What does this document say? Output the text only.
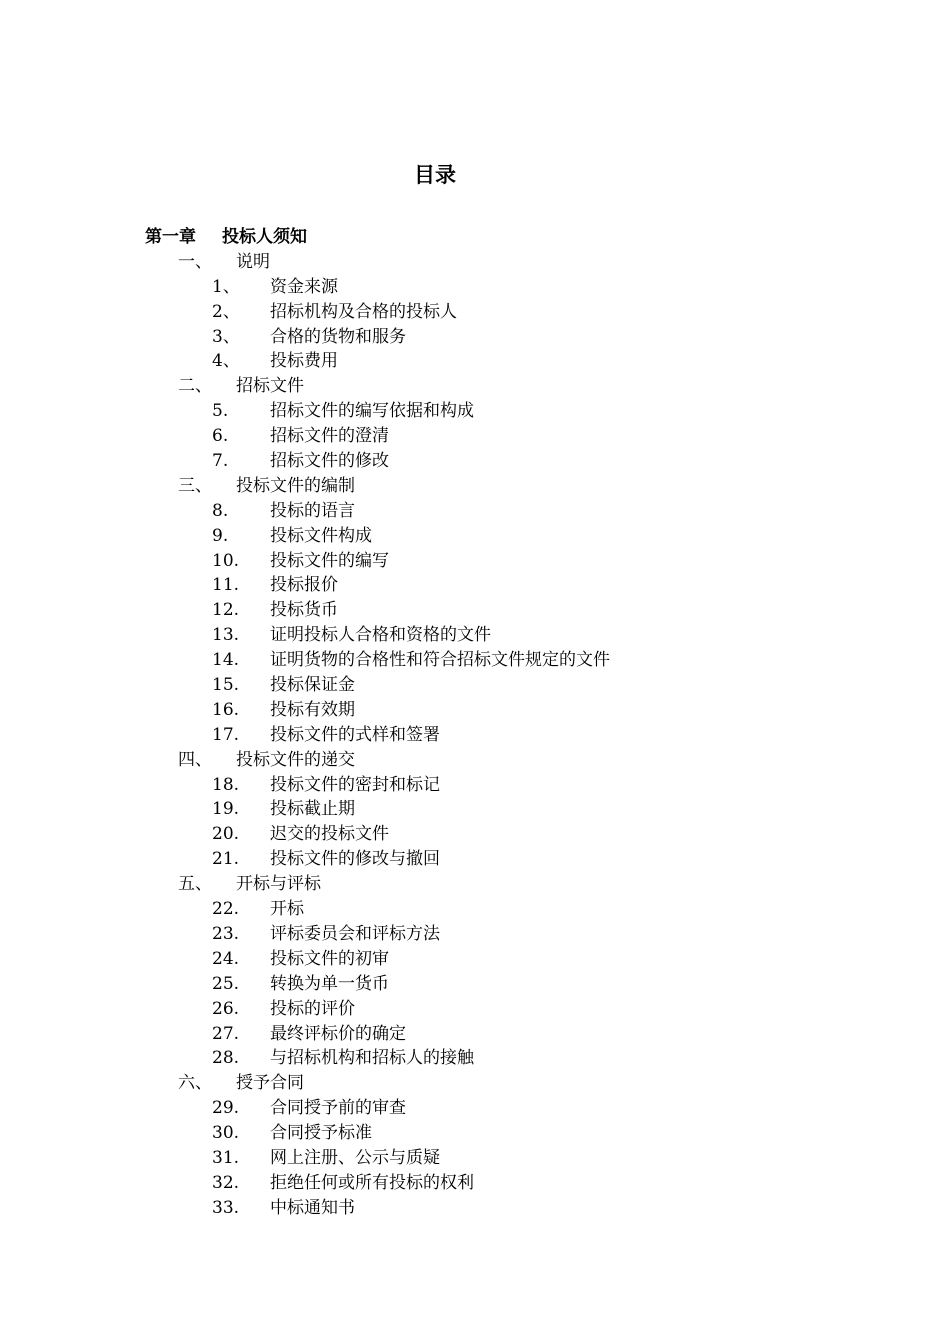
目录
第一章 投标人须知
一、 说明
1、 资金来源
2、 招标机构及合格的投标人
3、 合格的货物和服务
4、 投标费用
二、 招标文件
5. 招标文件的编写依据和构成
6. 招标文件的澄清
7. 招标文件的修改
三、 投标文件的编制
8. 投标的语言
9. 投标文件构成
10. 投标文件的编写
11. 投标报价
12. 投标货币
13. 证明投标人合格和资格的文件
14. 证明货物的合格性和符合招标文件规定的文件
15. 投标保证金
16. 投标有效期
17. 投标文件的式样和签署
四、 投标文件的递交
18. 投标文件的密封和标记
19. 投标截止期
20. 迟交的投标文件
21. 投标文件的修改与撤回
五、 开标与评标
22. 开标
23. 评标委员会和评标方法
24. 投标文件的初审
25. 转换为单一货币
26. 投标的评价
27. 最终评标价的确定
28. 与招标机构和招标人的接触
六、 授予合同
29. 合同授予前的审查
30. 合同授予标准
31. 网上注册、公示与质疑
32. 拒绝任何或所有投标的权利
33. 中标通知书
